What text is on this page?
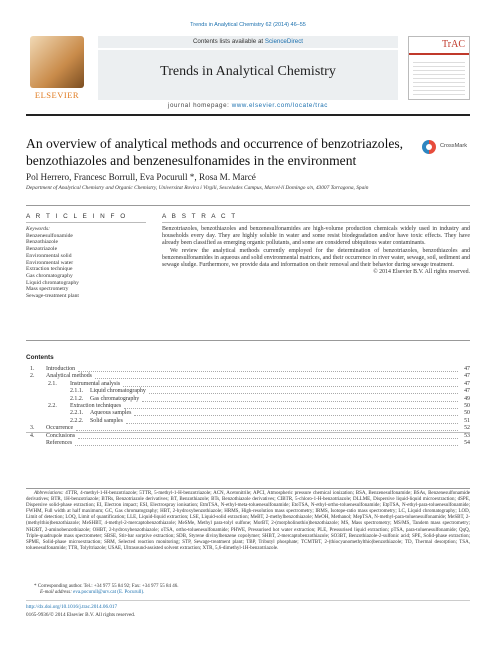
Trends in Analytical Chemistry 62 (2014) 46–55
ELSEVIER
Contents lists available at ScienceDirect
Trends in Analytical Chemistry
journal homepage: www.elsevier.com/locate/trac
TrAC
An overview of analytical methods and occurrence of benzotriazoles, benzothiazoles and benzenesulfonamides in the environment
CrossMark
Pol Herrero, Francesc Borrull, Eva Pocurull *, Rosa M. Marcé
Department of Analytical Chemistry and Organic Chemistry, Universitat Rovira i Virgili, Sescelades Campus, Marcel·lí Domingo s/n, 43007 Tarragona, Spain
A R T I C L E I N F O	A B S T R A C T
Keywords:
Benzenesulfonamide
Benzothiazole
Benzotriazole
Environmental solid
Environmental water
Extraction technique
Gas chromatography
Liquid chromatography
Mass spectrometry
Sewage-treatment plant

Benzotriazoles, benzothiazoles and benzenesulfonamides are high-volume production chemicals widely used in industry and households every day. They are highly soluble in water and some resist biodegradation and/or have toxic effects. They have already been classified as emerging organic pollutants, and some are considered ubiquitous water contaminants.

We review the analytical methods currently employed for the determination of benzotriazoles, benzothiazoles and benzenesulfonamides in aqueous and solid environmental matrices, and their occurrence in river water, sewage, soil, sediment and sewage sludge. Furthermore, we provide data and information on their removal and their behavior during sewage treatment.

© 2014 Elsevier B.V. All rights reserved.

Contents
1. Introduction	47
2. Analytical methods	47
2.1. Instrumental analysis	47
2.1.1. Liquid chromatography	47
2.1.2. Gas chromatography	49
2.2. Extraction techniques	50
2.2.1. Aqueous samples	50
2.2.2. Solid samples	51
3. Occurrence	52
4. Conclusions	53
References	54
Abbreviations: 4TTR, 4-methyl-1-H-benzotriazole; 5TTR, 5-methyl-1-H-benzotriazole; ACN, Acetonitrile; APCI, Atmospheric pressure chemical ionization; BSA, Benzenesulfonamide; BSAs, Benzenesulfonamide derivatives; BTR, 1H-benzotriazole; BTRs, Benzotriazole derivatives; BT, Benzothiazole; BTs, Benzothiazole derivatives; CIBTR, 5-chloro-1-H-benzotriazole; DLLME, Dispersive liquid-liquid microextraction; dSPE, Dispersive solid-phase extraction; EI, Electron impact; ESI, Electrospray ionisation; EtmTSA, N-ethyl-meta-toluenesulfonamide; EtoTSA, N-ethyl-ortho-toluenesulfonamide; EtpTSA, N-ethyl-para-toluenesulfonamide; FWHM, Full width at half maximum; GC, Gas chromatography; HBT, 2-hydroxybenzothiazole; HRMS, High-resolution mass spectrometry; IRMS, Isotope-ratio mass spectrometry; LC, Liquid chromatography; LOD, Limit of detection; LOQ, Limit of quantification; LLE, Liquid-liquid extraction; LSE, Liquid-solid extraction; MeBT, 2-methylbenzothiazole; MeOH, Methanol; MepTSA, N-methyl-para-toluenesulfonamide; MeSBT, 2-(methylthio)benzothiazole; MeSHBT, 4-methyl-2-mercaptobenzothiazole; MeSMe, Methyl para-tolyl sulfone; MorBT, 2-(morpholinothio)benzothiazole; MS, Mass spectrometry; MS/MS, Tandem mass spectrometry; NH2BT, 2-aminobenzothiazole; OHBT, 2-hydroxybenzothiazole; oTSA, ortho-toluenesulfonamide; PHWE, Pressurised hot water extraction; PLE, Pressurised liquid extraction; pTSA, para-toluenesulfonamide; QqQ, Triple-quadrupole mass spectrometer; SBSE, Stir-bar sorptive extraction; SDB, Styrene divinylbenzene copolymer; SHBT, 2-mercaptobenzothiazole; SO3BT, Benzothiazole-2-sulfonic acid; SPE, Solid-phase extraction; SPME, Solid-phase microextraction; SRM, Selected reaction monitoring; STP, Sewage-treatment plant; TBP, Tributyl phosphate; TCMTBT, 2-(thiocyanomethylthio)benzothiazole; TD, Thermal desorption; TSA, toluenesulfonamide; TTR, Tolyltriazole; USAE, Ultrasound-assisted solvent extraction; XTR, 5,6-dimethyl-1H-benzotriazole.
* Corresponding author. Tel.: +34 977 55 84 92; Fax: +34 977 55 84 46.
E-mail address: eva.pocurull@urv.cat (E. Pocurull).
http://dx.doi.org/10.1016/j.trac.2014.06.017
0165-9936/© 2014 Elsevier B.V. All rights reserved.
